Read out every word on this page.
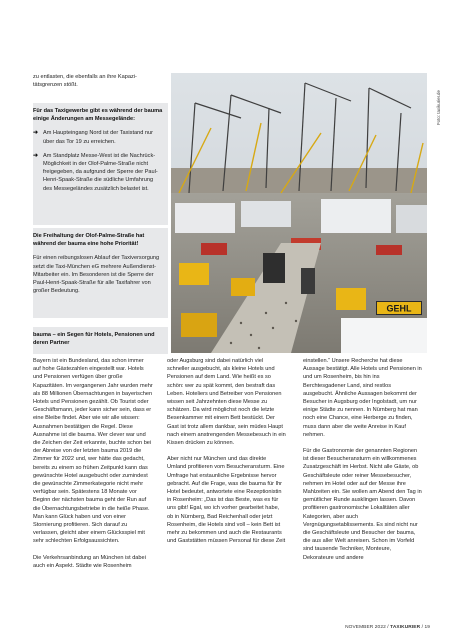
zu entlasten, die ebenfalls an ihre Kapazi-
tätsgrenzen stößt.

Für das Taxigewerbe gibt es während der bauma einige Änderungen am Messegelände:

➜ Am Haupteingang Nord ist der Taxistand nur über das Tor 19 zu erreichen.
➜ Am Standplatz Messe-West ist die Nachrück-Möglichkeit in der Olof-Palme-Straße nicht freigegeben, da aufgrund der Sperre der Paul-Henri-Spaak-Straße die südliche Umfahrung des Messegeländes zusätzlich belastet ist.

Die Freihaltung der Olof-Palme-Straße hat während der bauma eine hohe Priorität!

Für einen reibungslosen Ablauf der Taxiversorgung setzt die Taxi-München eG mehrere Außendienst-Mitarbeiter ein. Im Besonderen ist die Sperre der Paul-Henri-Spaak-Straße für alle Taxifahrer von großer Bedeutung.

bauma – ein Segen für Hotels, Pensionen und deren Partner

GEHL
Foto: taxikurier.de

Bayern ist ein Bundesland, das schon immer auf hohe Gästezahlen eingestellt war. Hotels und Pensionen verfügen über große Kapazitäten. Im vergangenen Jahr wurden mehr als 88 Millionen Übernachtungen in bayerischen Hotels und Pensionen gezählt. Ob Tourist oder Geschäftsmann, jeder kann sicher sein, dass er eine Bleibe findet. Aber wie wir alle wissen: Ausnahmen bestätigen die Regel. Diese Ausnahme ist die bauma. Wer clever war und die Zeichen der Zeit erkannte, buchte schon bei der Abreise von der letzten bauma 2019 die Zimmer für 2022 und, wer hätte das gedacht, bereits zu einem so frühen Zeitpunkt kann das gewünschte Hotel ausgebucht oder zumindest die gewünschte Zimmerkategorie nicht mehr verfügbar sein. Spätestens 18 Monate vor Beginn der nächsten bauma geht der Run auf die Übernachtungsbetriebe in die heiße Phase. Man kann Glück haben und von einer Stornierung profitieren. Sich darauf zu verlassen, gleicht aber einem Glücksspiel mit sehr schlechten Erfolgsaussichten.

Die Verkehrsanbindung an München ist dabei auch ein Aspekt. Städte wie Rosenheim

oder Augsburg sind dabei natürlich viel schneller ausgebucht, als kleine Hotels und Pensionen auf dem Land. Wie heißt es so schön: wer zu spät kommt, den bestraft das Leben. Hoteliers und Betreiber von Pensionen wissen seit Jahrzehnten diese Messe zu schätzen. Da wird möglichst noch die letzte Besenkammer mit einem Bett bestückt. Der Gast ist trotz allem dankbar, sein müdes Haupt nach einem anstrengenden Messebesuch in ein Kissen drücken zu können.

Aber nicht nur München und das direkte Umland profitieren vom Besucheransturm. Eine Umfrage hat erstaunliche Ergebnisse hervor gebracht. Auf die Frage, was die bauma für Ihr Hotel bedeutet, antwortete eine Rezeptionistin in Rosenheim: „Das ist das Beste, was es für uns gibt! Egal, wo ich vorher gearbeitet habe, ob in Nürnberg, Bad Reichenhall oder jetzt Rosenheim, die Hotels sind voll – kein Bett ist mehr zu bekommen und auch die Restaurants und Gaststätten müssen Personal für diese Zeit

einstellen.“ Unsere Recherche hat diese Aussage bestätigt. Alle Hotels und Pensionen in und um Rosenheim, bis hin ins Berchtesgadener Land, sind restlos ausgebucht. Ähnliche Aussagen bekommt der Besucher in Augsburg oder Ingolstadt, um nur einige Städte zu nennen. In Nürnberg hat man noch eine Chance, eine Herberge zu finden, muss dann aber die weite Anreise in Kauf nehmen.

Für die Gastronomie der genannten Regionen ist dieser Besucheransturm ein willkommenes Zusatzgeschäft im Herbst. Nicht alle Gäste, ob Geschäftsleute oder reiner Messebesucher, nehmen im Hotel oder auf der Messe ihre Mahlzeiten ein. Sie wollen am Abend den Tag in gemütlicher Runde ausklingen lassen. Davon profitieren gastronomische Lokalitäten aller Kategorien, aber auch Vergnügungsetablissements. Es sind nicht nur die Geschäftsleute und Besucher der bauma, die aus aller Welt anreisen. Schon im Vorfeld sind tausende Techniker, Monteure, Dekorateure und andere

NOVEMBER 2022 / TAXIKURIER / 19
